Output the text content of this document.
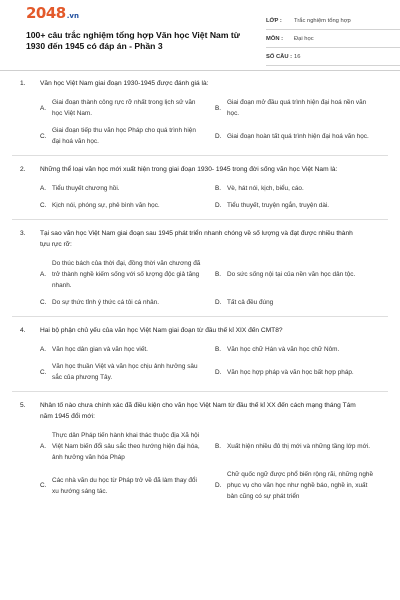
2048.vn
100+ câu trắc nghiệm tổng hợp Văn học Việt Nam từ 1930 đến 1945 có đáp án - Phần 3
LỚP :	Trắc nghiệm tổng hợp
MÔN :	Đại học
SỐ CÂU : 16
1.	Văn học Việt Nam giai đoạn 1930-1945 được đánh giá là:
A.
Giai đoạn thành công rực rỡ nhất trong lịch sử văn học Việt Nam.
B.
Giai đoạn mở đầu quá trình hiện đại hoá nền văn học.
C.
Giai đoạn tiếp thu văn học Pháp cho quá trình hiện đại hoá văn học.
D. Giai đoạn hoàn tất quá trình hiện đại hoá văn học.
2.	Những thể loại văn học mới xuất hiện trong giai đoạn 1930- 1945 trong đời sống văn học Việt Nam là:
A. Tiểu thuyết chương hồi.	B. Vè, hát nói, kịch, biểu, cáo.
C. Kịch nói, phóng sự, phê bình văn học.	D. Tiểu thuyết, truyện ngắn, truyện dài.
3.	Tại sao văn học Việt Nam giai đoạn sau 1945 phát triển nhanh chóng về số lượng và đạt được nhiều thành tựu rực rỡ:
A.
Do thúc bách của thời đại, đồng thời văn chương đã trở thành nghề kiếm sống với số lượng độc giả tăng nhanh.
B. Do sức sống nội tại của nền văn học dân tộc.
C. Do sự thức tỉnh ý thức cá tôi cá nhân.	D. Tất cả đều đúng
4.	Hai bộ phận chủ yếu của văn học Việt Nam giai đoạn từ đầu thế kỉ XIX đến CMT8?
A. Văn học dân gian và văn học viết.	B. Văn học chữ Hán và văn học chữ Nôm.
C.
Văn học thuần Việt và văn học chịu ảnh hưởng sâu sắc của phương Tây.
D. Văn học hợp pháp và văn học bất hợp pháp.
5.	Nhân tố nào chưa chính xác đã điều kiện cho văn học Việt Nam từ đầu thế kỉ XX đến cách mạng tháng Tám năm 1945 đổi mới:
A.
Thực dân Pháp tiến hành khai thác thuộc địa Xã hội Việt Nam biến đổi sâu sắc theo hướng hiện đại hóa, ảnh hưởng văn hóa Pháp
B. Xuất hiện nhiều đô thị mới và những tầng lớp mới.
C.
Các nhà văn du học từ Pháp trở về đã làm thay đổi xu hướng sáng tác.
D.
Chữ quốc ngữ được phổ biến rộng rãi, những nghề phục vụ cho văn học như nghề báo, nghề in, xuất bản cũng có sự phát triển
